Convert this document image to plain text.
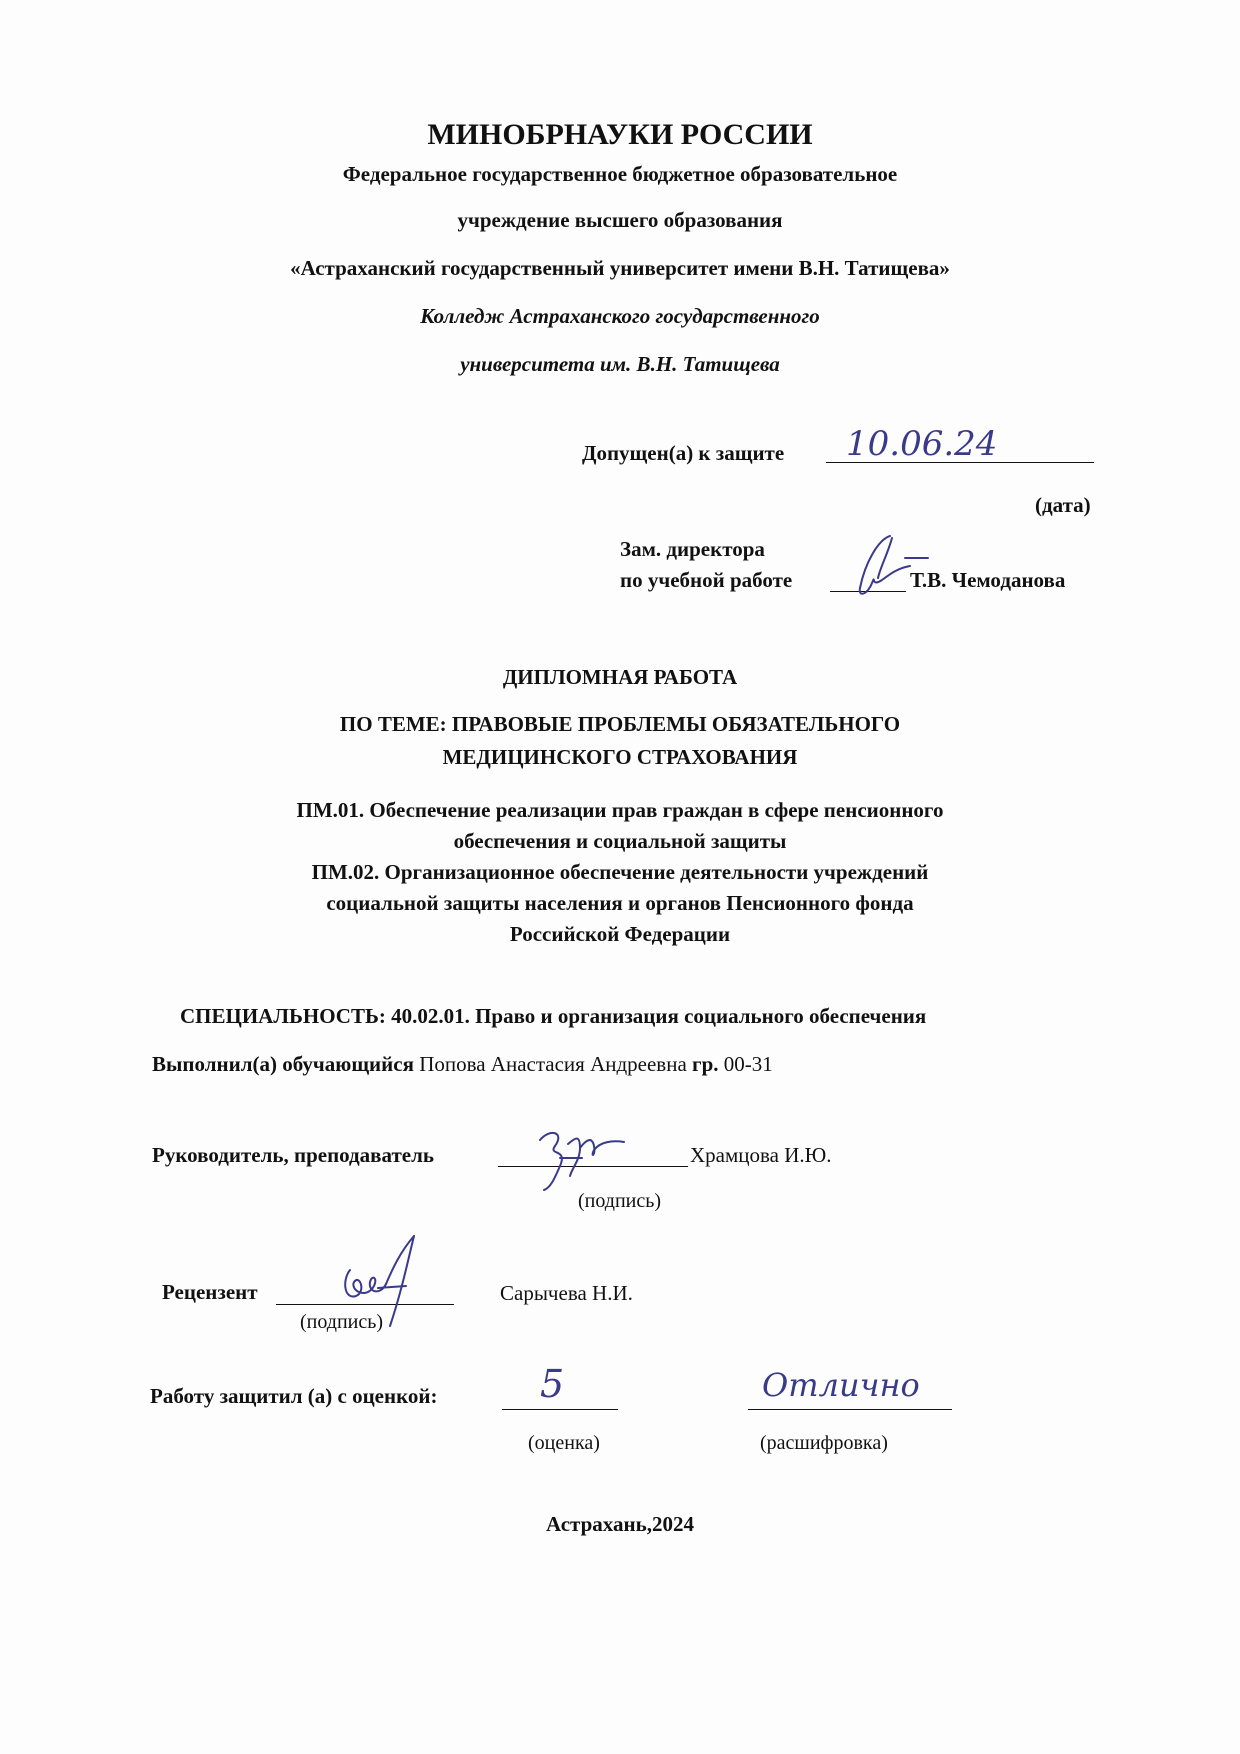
МИНОБРНАУКИ РОССИИ
Федеральное государственное бюджетное образовательное
учреждение высшего образования
«Астраханский государственный университет имени В.Н. Татищева»
Колледж Астраханского государственного
университета им. В.Н. Татищева
Допущен(а) к защите 10.06.24
(дата)
Зам. директора
по учебной работе	Т.В. Чемоданова
ДИПЛОМНАЯ РАБОТА
ПО ТЕМЕ: ПРАВОВЫЕ ПРОБЛЕМЫ ОБЯЗАТЕЛЬНОГО
МЕДИЦИНСКОГО СТРАХОВАНИЯ
ПМ.01. Обеспечение реализации прав граждан в сфере пенсионного
обеспечения и социальной защиты
ПМ.02. Организационное обеспечение деятельности учреждений
социальной защиты населения и органов Пенсионного фонда
Российской Федерации
СПЕЦИАЛЬНОСТЬ: 40.02.01. Право и организация социального обеспечения
Выполнил(а) обучающийся Попова Анастасия Андреевна гр. 00-31
Руководитель, преподаватель	Храмцова И.Ю.
(подпись)
Рецензент	Сарычева Н.И.
(подпись)
Работу защитил (а) с оценкой:	5
(оценка)
Отлично
(расшифровка)
Астрахань,2024
